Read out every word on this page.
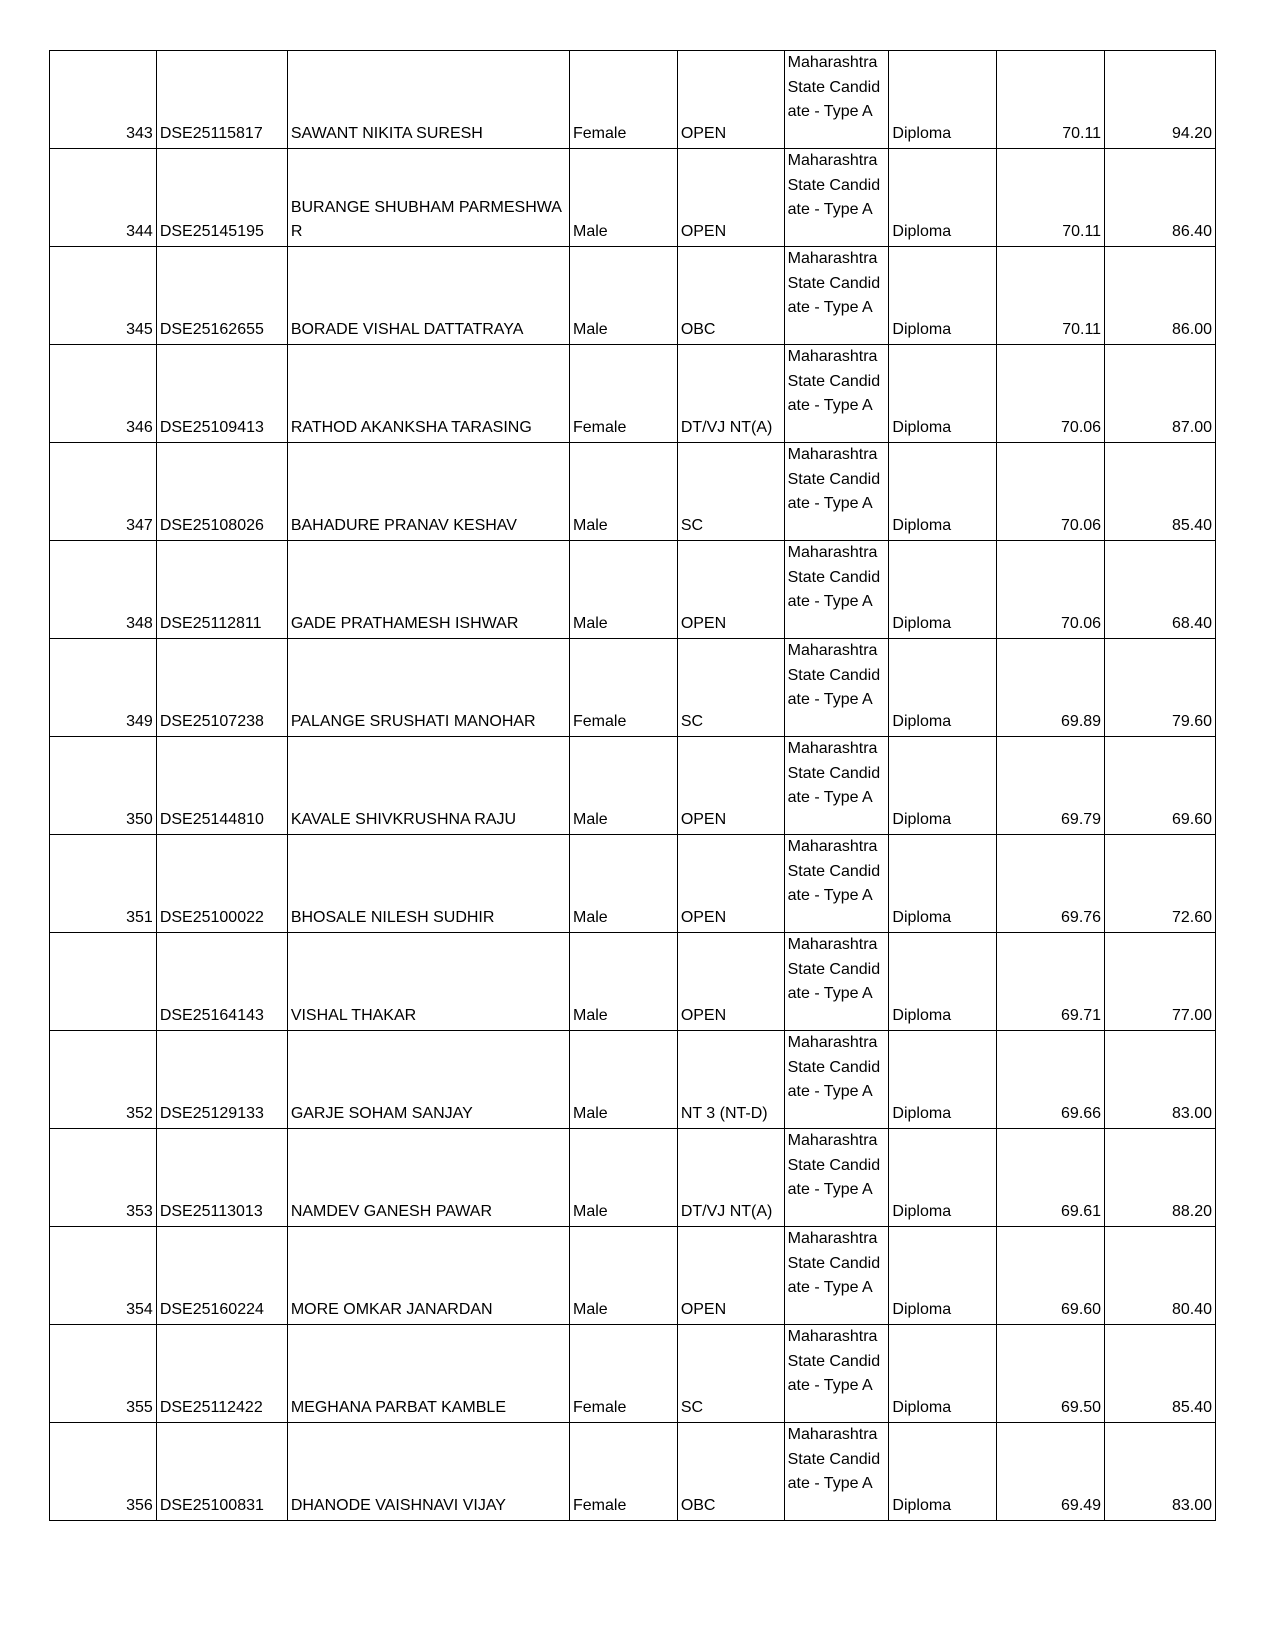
343	DSE25115817	SAWANT NIKITA SURESH	Female	OPEN	Maharashtra State Candidate - Type A	Diploma	70.11	94.20
344	DSE25145195	BURANGE SHUBHAM PARMESHWAR	Male	OPEN	Maharashtra State Candidate - Type A	Diploma	70.11	86.40
345	DSE25162655	BORADE VISHAL DATTATRAYA	Male	OBC	Maharashtra State Candidate - Type A	Diploma	70.11	86.00
346	DSE25109413	RATHOD AKANKSHA TARASING	Female	DT/VJ NT(A)	Maharashtra State Candidate - Type A	Diploma	70.06	87.00
347	DSE25108026	BAHADURE PRANAV KESHAV	Male	SC	Maharashtra State Candidate - Type A	Diploma	70.06	85.40
348	DSE25112811	GADE PRATHAMESH ISHWAR	Male	OPEN	Maharashtra State Candidate - Type A	Diploma	70.06	68.40
349	DSE25107238	PALANGE SRUSHATI MANOHAR	Female	SC	Maharashtra State Candidate - Type A	Diploma	69.89	79.60
350	DSE25144810	KAVALE SHIVKRUSHNA RAJU	Male	OPEN	Maharashtra State Candidate - Type A	Diploma	69.79	69.60
351	DSE25100022	BHOSALE NILESH SUDHIR	Male	OPEN	Maharashtra State Candidate - Type A	Diploma	69.76	72.60
	DSE25164143	VISHAL THAKAR	Male	OPEN	Maharashtra State Candidate - Type A	Diploma	69.71	77.00
352	DSE25129133	GARJE SOHAM SANJAY	Male	NT 3 (NT-D)	Maharashtra State Candidate - Type A	Diploma	69.66	83.00
353	DSE25113013	NAMDEV GANESH PAWAR	Male	DT/VJ NT(A)	Maharashtra State Candidate - Type A	Diploma	69.61	88.20
354	DSE25160224	MORE OMKAR JANARDAN	Male	OPEN	Maharashtra State Candidate - Type A	Diploma	69.60	80.40
355	DSE25112422	MEGHANA PARBAT KAMBLE	Female	SC	Maharashtra State Candidate - Type A	Diploma	69.50	85.40
356	DSE25100831	DHANODE VAISHNAVI VIJAY	Female	OBC	Maharashtra State Candidate - Type A	Diploma	69.49	83.00
